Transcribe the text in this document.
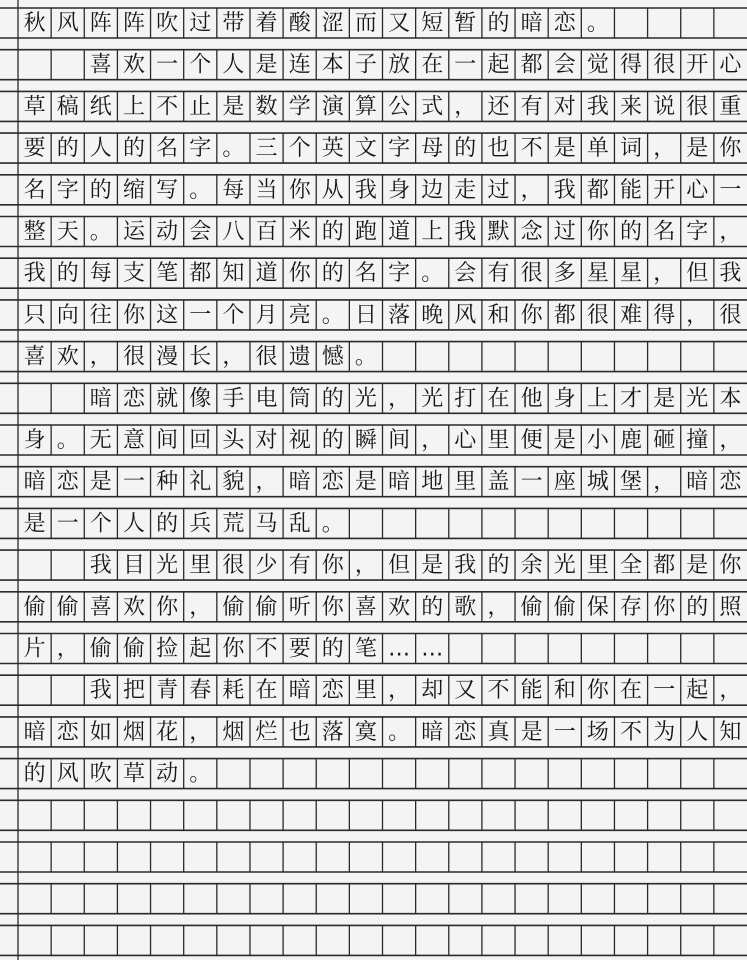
秋 风 阵 阵 吹 过 带 着 酸 涩 而 又 短 暂 的 暗 恋 。
　　喜 欢 一 个 人 是 连 本 子 放 在 一 起 都 会 觉 得 很 开 心
草 稿 纸 上 不 止 是 数 学 演 算 公 式 ， 还 有 对 我 来 说 很 重
要 的 人 的 名 字 。 三 个 英 文 字 母 的 也 不 是 单 词 ， 是 你
名 字 的 缩 写 。 每 当 你 从 我 身 边 走 过 ， 我 都 能 开 心 一
整 天 。 运 动 会 八 百 米 的 跑 道 上 我 默 念 过 你 的 名 字 ，
我 的 每 支 笔 都 知 道 你 的 名 字 。 会 有 很 多 星 星 ， 但 我
只 向 往 你 这 一 个 月 亮 。 日 落 晚 风 和 你 都 很 难 得 ， 很
喜 欢 ， 很 漫 长 ， 很 遗 憾 。
　　暗 恋 就 像 手 电 筒 的 光 ， 光 打 在 他 身 上 才 是 光 本
身 。 无 意 间 回 头 对 视 的 瞬 间 ， 心 里 便 是 小 鹿 砸 撞 ，
暗 恋 是 一 种 礼 貌 ， 暗 恋 是 暗 地 里 盖 一 座 城 堡 ， 暗 恋
是 一 个 人 的 兵 荒 马 乱 。
　　我 目 光 里 很 少 有 你 ， 但 是 我 的 余 光 里 全 都 是 你
偷 偷 喜 欢 你 ， 偷 偷 听 你 喜 欢 的 歌 ， 偷 偷 保 存 你 的 照
片 ， 偷 偷 捡 起 你 不 要 的 笔 … …
　　我 把 青 春 耗 在 暗 恋 里 ， 却 又 不 能 和 你 在 一 起 ，
暗 恋 如 烟 花 ， 烟 烂 也 落 寞 。 暗 恋 真 是 一 场 不 为 人 知
的 风 吹 草 动 。
